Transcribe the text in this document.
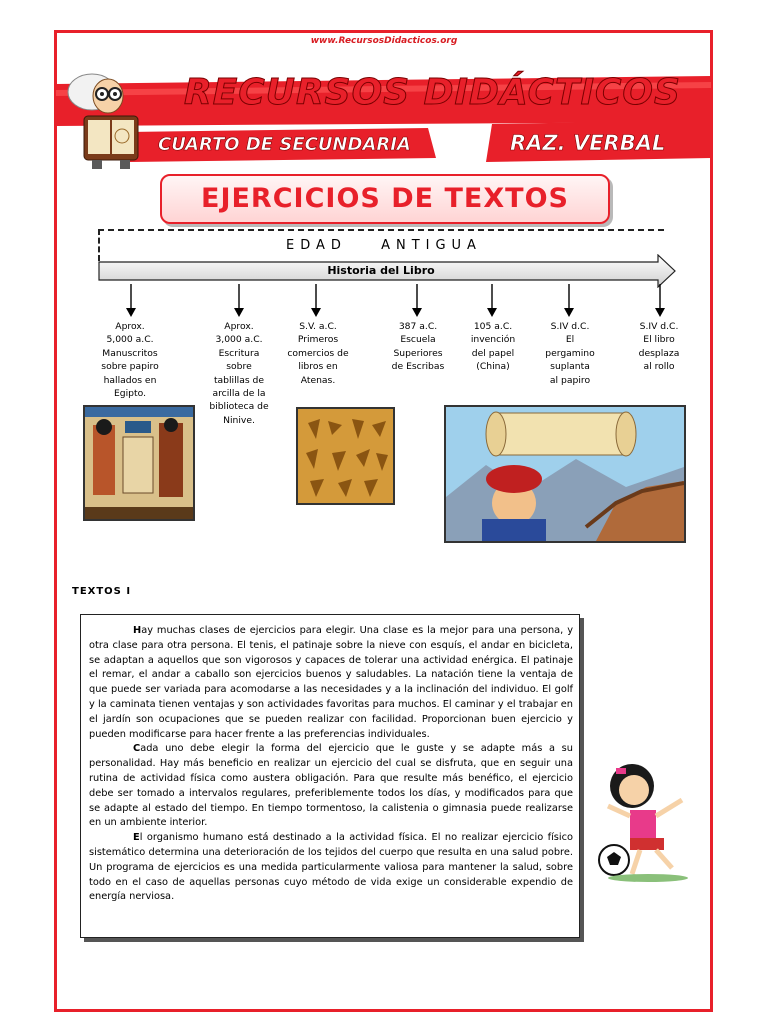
www.RecursosDidacticos.org
RECURSOS DIDÁCTICOS
CUARTO DE SECUNDARIA	RAZ. VERBAL
EJERCICIOS DE TEXTOS
EDAD ANTIGUA
Historia del Libro
Aprox.
5,000 a.C.
Manuscritos
sobre papiro
hallados en
Egipto.
Aprox.
3,000 a.C.
Escritura
sobre
tablillas de
arcilla de la
biblioteca de
Ninive.
S.V. a.C.
Primeros
comercios de
libros en
Atenas.
387 a.C.
Escuela
Superiores
de Escribas
105 a.C.
invención
del papel
(China)
S.IV d.C.
El
pergamino
suplanta
al papiro
S.IV d.C.
El libro
desplaza
al rollo
TEXTOS I

Hay muchas clases de ejercicios para elegir. Una clase es la mejor para una persona, y otra clase para otra persona. El tenis, el patinaje sobre la nieve con esquís, el andar en bicicleta, se adaptan a aquellos que son vigorosos y capaces de tolerar una actividad enérgica. El patinaje el remar, el andar a caballo son ejercicios buenos y saludables. La natación tiene la ventaja de que puede ser variada para acomodarse a las necesidades y a la inclinación del individuo. El golf y la caminata tienen ventajas y son actividades favoritas para muchos. El caminar y el trabajar en el jardín son ocupaciones que se pueden realizar con facilidad. Proporcionan buen ejercicio y pueden modificarse para hacer frente a las preferencias individuales.

Cada uno debe elegir la forma del ejercicio que le guste y se adapte más a su personalidad. Hay más beneficio en realizar un ejercicio del cual se disfruta, que en seguir una rutina de actividad física como austera obligación. Para que resulte más benéfico, el ejercicio debe ser tomado a intervalos regulares, preferiblemente todos los días, y modificados para que se adapte al estado del tiempo. En tiempo tormentoso, la calistenia o gimnasia puede realizarse en un ambiente interior.

El organismo humano está destinado a la actividad física. El no realizar ejercicio físico sistemático determina una deterioración de los tejidos del cuerpo que resulta en una salud pobre. Un programa de ejercicios es una medida particularmente valiosa para mantener la salud, sobre todo en el caso de aquellas personas cuyo método de vida exige un considerable expendio de energía nerviosa.
